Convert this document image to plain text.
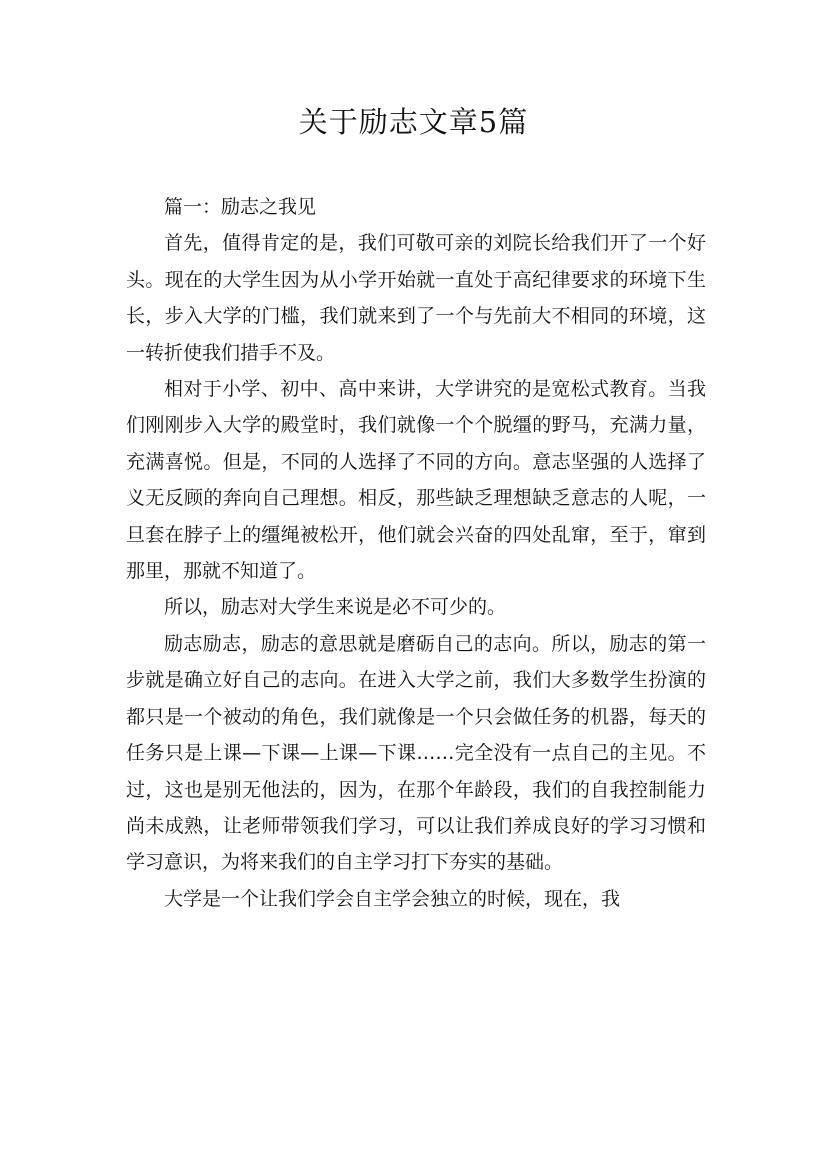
关于励志文章5篇

篇一：励志之我见

首先，值得肯定的是，我们可敬可亲的刘院长给我们开了一个好头。现在的大学生因为从小学开始就一直处于高纪律要求的环境下生长，步入大学的门槛，我们就来到了一个与先前大不相同的环境，这一转折使我们措手不及。

相对于小学、初中、高中来讲，大学讲究的是宽松式教育。当我们刚刚步入大学的殿堂时，我们就像一个个脱缰的野马，充满力量，充满喜悦。但是，不同的人选择了不同的方向。意志坚强的人选择了义无反顾的奔向自己理想。相反，那些缺乏理想缺乏意志的人呢，一旦套在脖子上的缰绳被松开，他们就会兴奋的四处乱窜，至于，窜到那里，那就不知道了。

所以，励志对大学生来说是必不可少的。

励志励志，励志的意思就是磨砺自己的志向。所以，励志的第一步就是确立好自己的志向。在进入大学之前，我们大多数学生扮演的都只是一个被动的角色，我们就像是一个只会做任务的机器，每天的任务只是上课—下课—上课—下课……完全没有一点自己的主见。不过，这也是别无他法的，因为，在那个年龄段，我们的自我控制能力尚未成熟，让老师带领我们学习，可以让我们养成良好的学习习惯和学习意识，为将来我们的自主学习打下夯实的基础。

大学是一个让我们学会自主学会独立的时候，现在，我
